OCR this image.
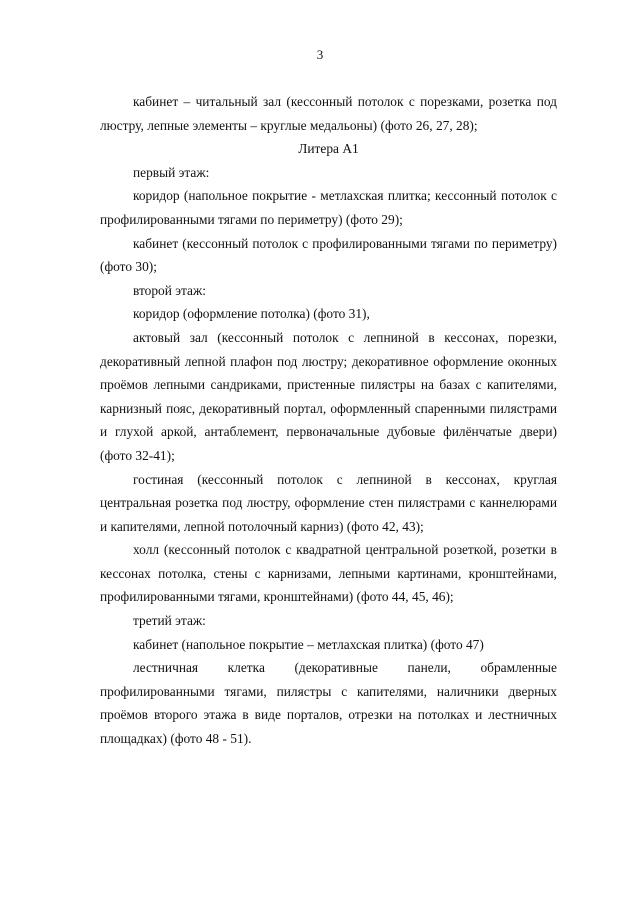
3

кабинет – читальный зал (кессонный потолок с порезками, розетка под люстру, лепные элементы – круглые медальоны) (фото 26, 27, 28);

Литера А1

первый этаж:

коридор (напольное покрытие - метлахская плитка; кессонный потолок с профилированными тягами по периметру) (фото 29);

кабинет (кессонный потолок с профилированными тягами по периметру) (фото 30);

второй этаж:

коридор (оформление потолка) (фото 31),

актовый зал (кессонный потолок с лепниной в кессонах, порезки, декоративный лепной плафон под люстру; декоративное оформление оконных проёмов лепными сандриками, пристенные пилястры на базах с капителями, карнизный пояс, декоративный портал, оформленный спаренными пилястрами и глухой аркой, антаблемент, первоначальные дубовые филёнчатые двери) (фото 32-41);

гостиная (кессонный потолок с лепниной в кессонах, круглая центральная розетка под люстру, оформление стен пилястрами с каннелюрами и капителями, лепной потолочный карниз) (фото 42, 43);

холл (кессонный потолок с квадратной центральной розеткой, розетки в кессонах потолка, стены с карнизами, лепными картинами, кронштейнами, профилированными тягами, кронштейнами) (фото 44, 45, 46);

третий этаж:

кабинет (напольное покрытие – метлахская плитка) (фото 47)

лестничная клетка (декоративные панели, обрамленные профилированными тягами, пилястры с капителями, наличники дверных проёмов второго этажа в виде порталов, отрезки на потолках и лестничных площадках) (фото 48 - 51).
